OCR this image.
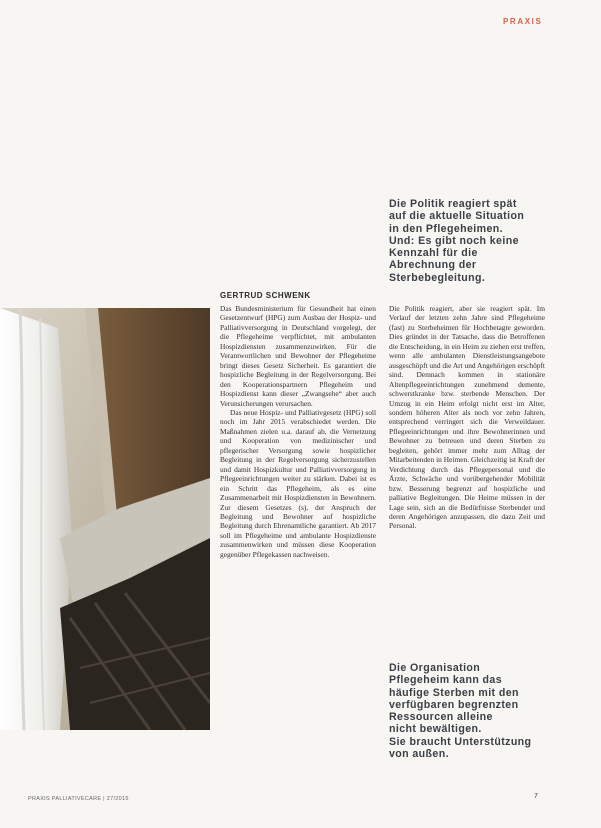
PRAXIS

Die Politik reagiert spät

auf die aktuelle Situation

in den Pflegeheimen.

Und: Es gibt noch keine

Kennzahl für die

Abrechnung der

Sterbebegleitung.

GERTRUD SCHWENK

Das Bundesministerium für Gesundheit hat einen Gesetzentwurf (HPG) zum Ausbau der Hospiz- und Palliativversorgung in Deutschland vorgelegt, der die Pflegeheime verpflichtet, mit ambulanten Hospizdiensten zusammenzuwirken. Für die Verantwortlichen und Bewohner der Pflegeheime bringt dieses Gesetz Sicherheit. Es garantiert die hospizliche Begleitung in der Regelversorgung. Bei den Kooperationspartnern Pflegeheim und Hospizdienst kann dieser „Zwangsehe“ aber auch Verunsicherungen verursachen.

Das neue Hospiz- und Palliativgesetz (HPG) soll noch im Jahr 2015 verabschiedet werden. Die Maßnahmen zielen u.a. darauf ab, die Vernetzung und Kooperation von medizinischer und pflegerischer Versorgung sowie hospizlicher Begleitung in der Regelversorgung sicherzustellen und damit Hospizkultur und Palliativversorgung in Pflegeeinrichtungen weiter zu stärken. Dabei ist es ein Schritt das Pflegeheim, als es eine Zusammenarbeit mit Hospizdiensten in Bewohnern. Zur diesem Gesetzes (s), der Anspruch der Begleitung und Bewohner auf hospizliche Begleitung durch Ehrenamtliche garantiert. Ab 2017 soll im Pflegeheime und ambulante Hospizdienste zusammenwirken und müssen diese Kooperation gegenüber Pflegekassen nachweisen.

Die Politik reagiert, aber sie reagiert spät. Im Verlauf der letzten zehn Jahre sind Pflegeheime (fast) zu Sterbeheimen für Hochbetagte geworden. Dies gründet in der Tatsache, dass die Betroffenen die Entscheidung, in ein Heim zu ziehen erst treffen, wenn alle ambulanten Dienstleistungsangebote ausgeschöpft und die Art und Angehörigen erschöpft sind. Demnach kommen in stationäre Altenpflegeeinrichtungen zunehmend demente, schwerstkranke bzw. sterbende Menschen. Der Umzug in ein Heim erfolgt nicht erst im Alter, sondern höheren Alter als noch vor zehn Jahren, entsprechend verringert sich die Verweildauer. Pflegeeinrichtungen und ihre Bewohnerinnen und Bewohner zu betreuen und deren Sterben zu begleiten, gehört immer mehr zum Alltag der Mitarbeitenden in Heimen. Gleichzeitig ist Kraft der Verdichtung durch das Pflegepersonal und die Ärzte, Schwäche und vorübergehender Mobilität bzw. Besserung begrenzt auf hospizliche und palliative Begleitungen. Die Heime müssen in der Lage sein, sich an die Bedürfnisse Sterbender und deren Angehörigen anzupassen, die dazu Zeit und Personal.

Die Organisation

Pflegeheim kann das

häufige Sterben mit den

verfügbaren begrenzten

Ressourcen alleine

nicht bewältigen.

Sie braucht Unterstützung

von außen.

PRAXIS PALLIATIVECARE | 27/2015	7
